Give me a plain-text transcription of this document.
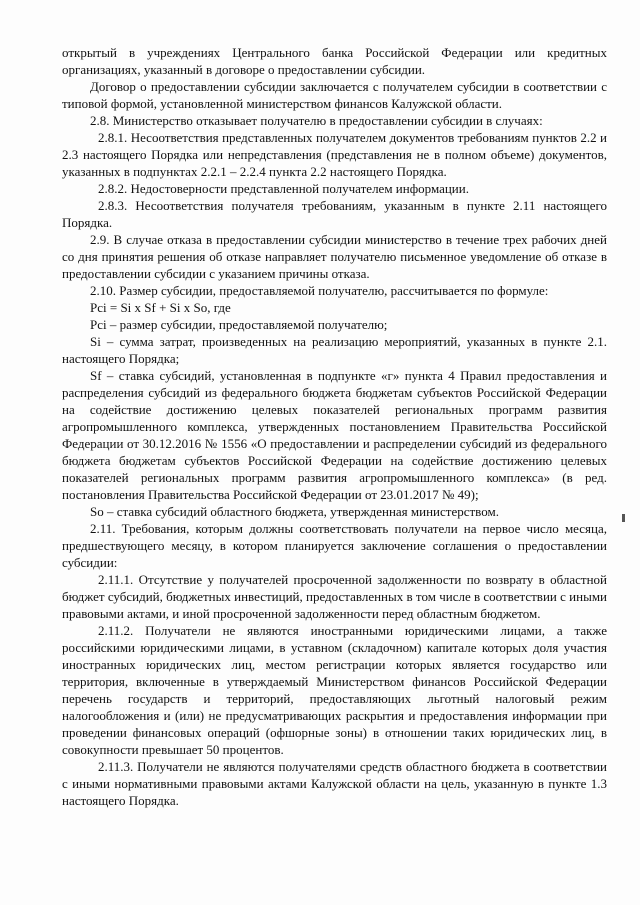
открытый в учреждениях Центрального банка Российской Федерации или кредитных организациях, указанный в договоре о предоставлении субсидии.

Договор о предоставлении субсидии заключается с получателем субсидии в соответствии с типовой формой, установленной министерством финансов Калужской области.

2.8. Министерство отказывает получателю в предоставлении субсидии в случаях:

2.8.1. Несоответствия представленных получателем документов требованиям пунктов 2.2 и 2.3 настоящего Порядка или непредставления (представления не в полном объеме) документов, указанных в подпунктах 2.2.1 – 2.2.4 пункта 2.2 настоящего Порядка.

2.8.2. Недостоверности представленной получателем информации.

2.8.3. Несоответствия получателя требованиям, указанным в пункте 2.11 настоящего Порядка.

2.9. В случае отказа в предоставлении субсидии министерство в течение трех рабочих дней со дня принятия решения об отказе направляет получателю письменное уведомление об отказе в предоставлении субсидии с указанием причины отказа.

2.10. Размер субсидии, предоставляемой получателю, рассчитывается по формуле:

Pci = Si x Sf + Si x So, где

Pci – размер субсидии, предоставляемой получателю;

Si – сумма затрат, произведенных на реализацию мероприятий, указанных в пункте 2.1. настоящего Порядка;

Sf – ставка субсидий, установленная в подпункте «г» пункта 4 Правил предоставления и распределения субсидий из федерального бюджета бюджетам субъектов Российской Федерации на содействие достижению целевых показателей региональных программ развития агропромышленного комплекса, утвержденных постановлением Правительства Российской Федерации от 30.12.2016 № 1556 «О предоставлении и распределении субсидий из федерального бюджета бюджетам субъектов Российской Федерации на содействие достижению целевых показателей региональных программ развития агропромышленного комплекса» (в ред. постановления Правительства Российской Федерации от 23.01.2017 № 49);

So – ставка субсидий областного бюджета, утвержденная министерством.

2.11. Требования, которым должны соответствовать получатели на первое число месяца, предшествующего месяцу, в котором планируется заключение соглашения о предоставлении субсидии:

2.11.1. Отсутствие у получателей просроченной задолженности по возврату в областной бюджет субсидий, бюджетных инвестиций, предоставленных в том числе в соответствии с иными правовыми актами, и иной просроченной задолженности перед областным бюджетом.

2.11.2. Получатели не являются иностранными юридическими лицами, а также российскими юридическими лицами, в уставном (складочном) капитале которых доля участия иностранных юридических лиц, местом регистрации которых является государство или территория, включенные в утверждаемый Министерством финансов Российской Федерации перечень государств и территорий, предоставляющих льготный налоговый режим налогообложения и (или) не предусматривающих раскрытия и предоставления информации при проведении финансовых операций (офшорные зоны) в отношении таких юридических лиц, в совокупности превышает 50 процентов.

2.11.3. Получатели не являются получателями средств областного бюджета в соответствии с иными нормативными правовыми актами Калужской области на цель, указанную в пункте 1.3 настоящего Порядка.
